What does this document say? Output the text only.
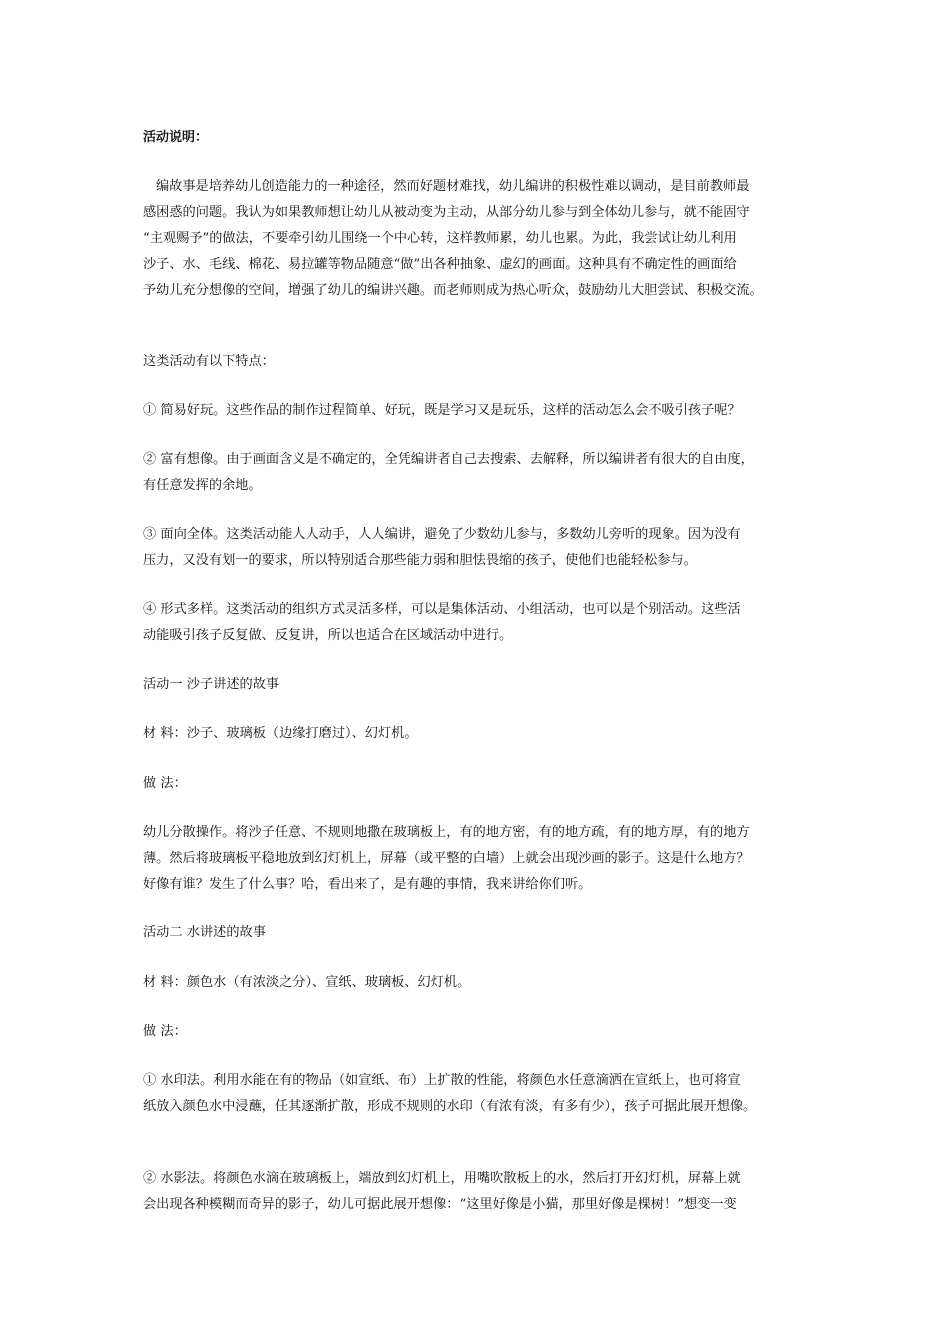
活动说明：
编故事是培养幼儿创造能力的一种途径，然而好题材难找，幼儿编讲的积极性难以调动，是目前教师最
感困惑的问题。我认为如果教师想让幼儿从被动变为主动，从部分幼儿参与到全体幼儿参与，就不能固守
“主观赐予”的做法，不要牵引幼儿围绕一个中心转，这样教师累，幼儿也累。为此，我尝试让幼儿利用
沙子、水、毛线、棉花、易拉罐等物品随意“做”出各种抽象、虚幻的画面。这种具有不确定性的画面给
予幼儿充分想像的空间，增强了幼儿的编讲兴趣。而老师则成为热心听众，鼓励幼儿大胆尝试、积极交流。
这类活动有以下特点：
① 简易好玩。这些作品的制作过程简单、好玩，既是学习又是玩乐，这样的活动怎么会不吸引孩子呢？
② 富有想像。由于画面含义是不确定的，全凭编讲者自己去搜索、去解释，所以编讲者有很大的自由度，
有任意发挥的余地。
③ 面向全体。这类活动能人人动手，人人编讲，避免了少数幼儿参与，多数幼儿旁听的现象。因为没有
压力，又没有划一的要求，所以特别适合那些能力弱和胆怯畏缩的孩子，使他们也能轻松参与。
④ 形式多样。这类活动的组织方式灵活多样，可以是集体活动、小组活动，也可以是个别活动。这些活
动能吸引孩子反复做、反复讲，所以也适合在区域活动中进行。
活动一 沙子讲述的故事
材 料：沙子、玻璃板（边缘打磨过）、幻灯机。
做 法：
幼儿分散操作。将沙子任意、不规则地撒在玻璃板上，有的地方密，有的地方疏，有的地方厚，有的地方
薄。然后将玻璃板平稳地放到幻灯机上，屏幕（或平整的白墙）上就会出现沙画的影子。这是什么地方？
好像有谁？发生了什么事？哈，看出来了，是有趣的事情，我来讲给你们听。
活动二 水讲述的故事
材 料：颜色水（有浓淡之分）、宣纸、玻璃板、幻灯机。
做 法：
① 水印法。利用水能在有的物品（如宣纸、布）上扩散的性能，将颜色水任意滴洒在宣纸上，也可将宣
纸放入颜色水中浸蘸，任其逐渐扩散，形成不规则的水印（有浓有淡，有多有少），孩子可据此展开想像。
② 水影法。将颜色水滴在玻璃板上，端放到幻灯机上，用嘴吹散板上的水，然后打开幻灯机，屏幕上就
会出现各种模糊而奇异的影子，幼儿可据此展开想像：“这里好像是小猫，那里好像是棵树！”想变一变
